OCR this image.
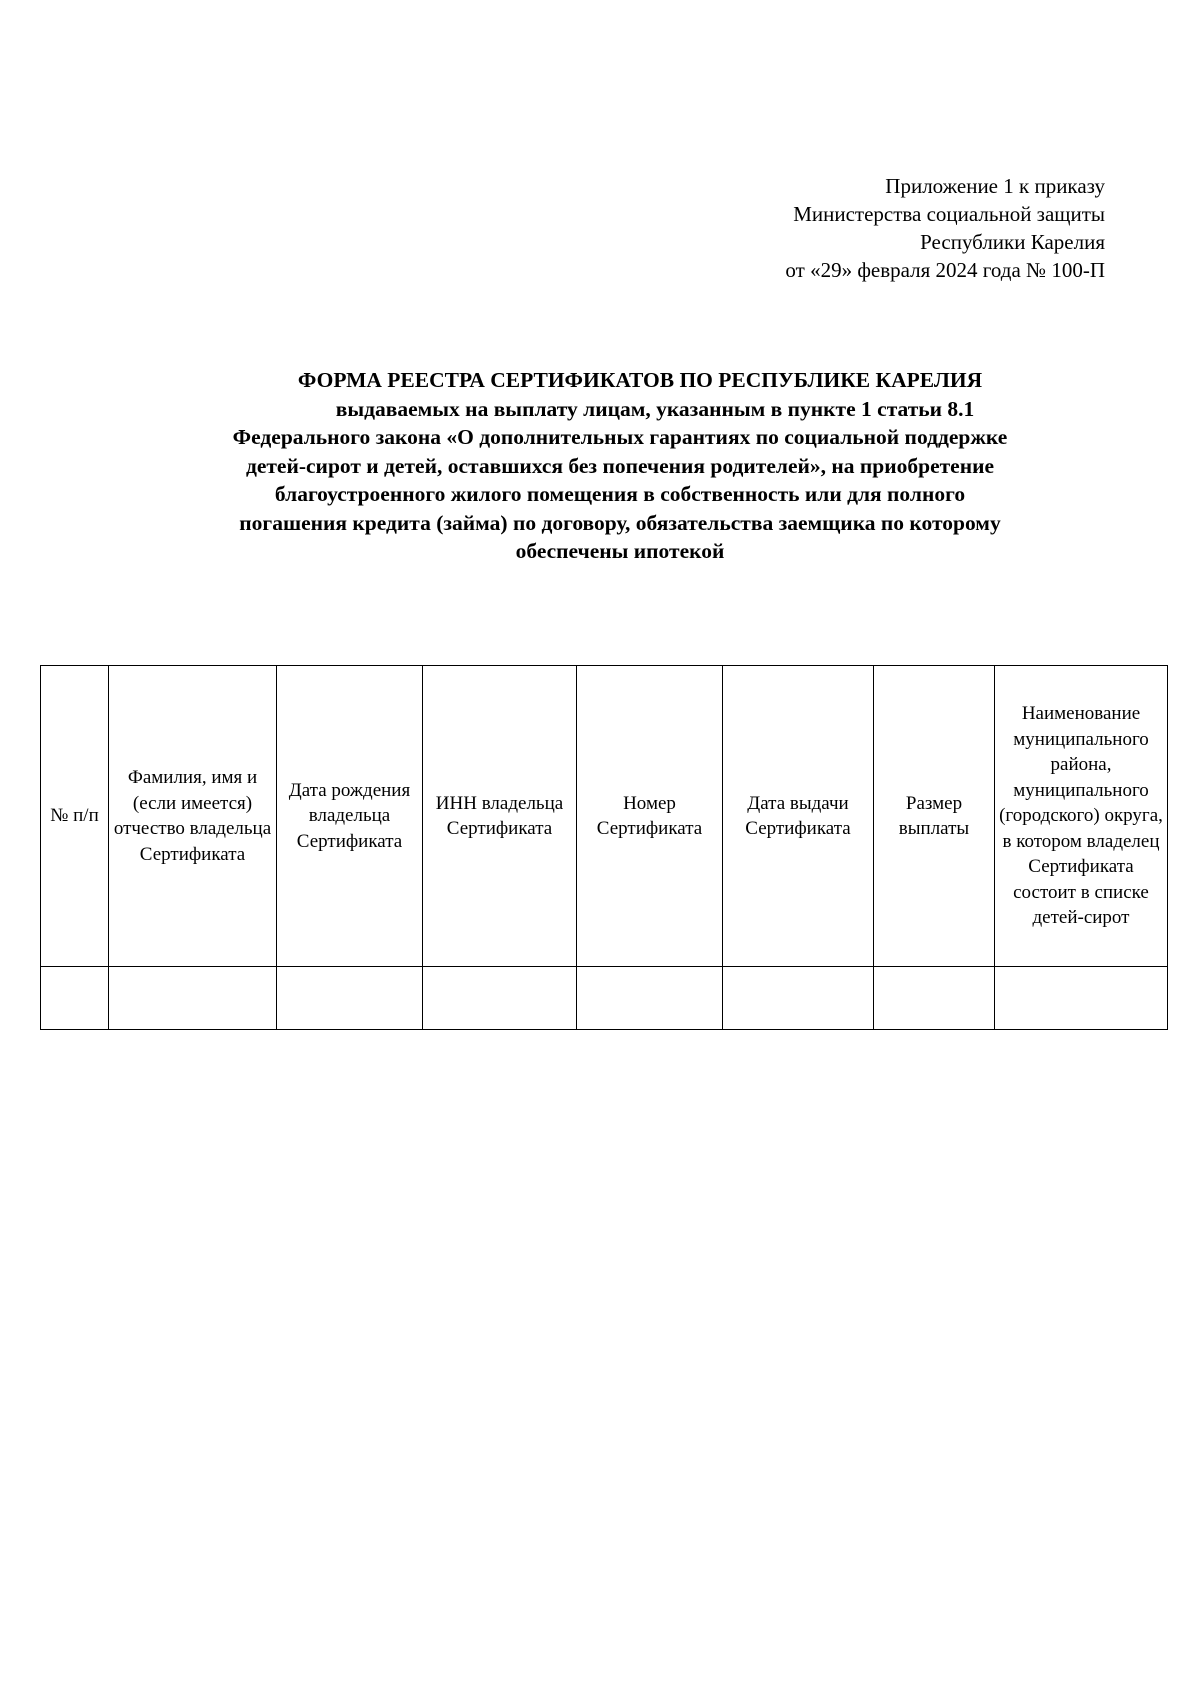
Приложение 1 к приказу
Министерства социальной защиты
Республики Карелия
от «29» февраля 2024 года № 100-П
ФОРМА РЕЕСТРА СЕРТИФИКАТОВ ПО РЕСПУБЛИКЕ КАРЕЛИЯ
выдаваемых на выплату лицам, указанным в пункте 1 статьи 8.1
Федерального закона «О дополнительных гарантиях по социальной поддержке
детей-сирот и детей, оставшихся без попечения родителей», на приобретение
благоустроенного жилого помещения в собственность или для полного
погашения кредита (займа) по договору, обязательства заемщика по которому
обеспечены ипотекой
№ п/п	Фамилия, имя и (если имеется) отчество владельца Сертификата	Дата рождения владельца Сертификата	ИНН владельца Сертификата	Номер Сертификата	Дата выдачи Сертификата	Размер выплаты	Наименование муниципального района, муниципального (городского) округа, в котором владелец Сертификата состоит в списке детей-сирот
